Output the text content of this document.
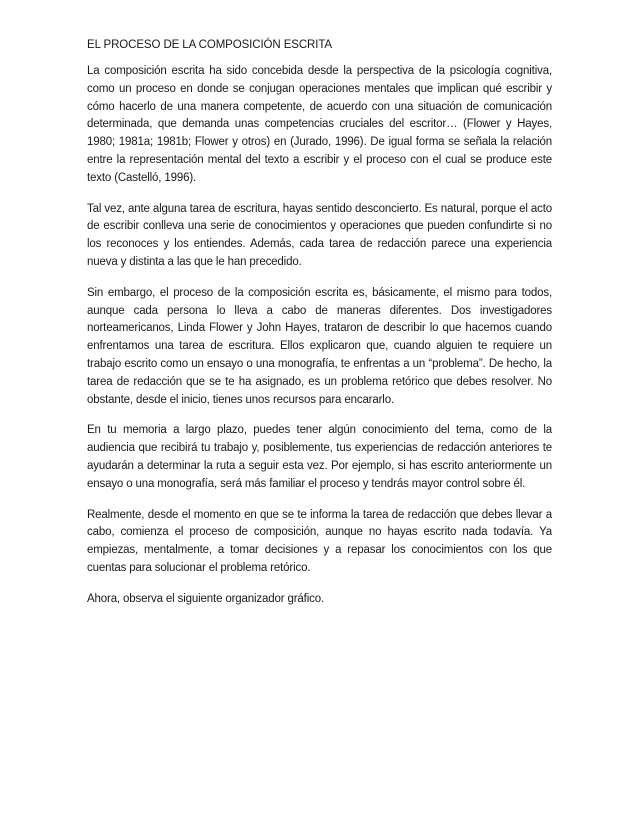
EL PROCESO DE LA COMPOSICIÓN ESCRITA

La composición escrita ha sido concebida desde la perspectiva de la psicología cognitiva, como un proceso en donde se conjugan operaciones mentales que implican qué escribir y cómo hacerlo de una manera competente, de acuerdo con una situación de comunicación determinada, que demanda unas competencias cruciales del escritor… (Flower y Hayes, 1980; 1981a; 1981b; Flower y otros) en (Jurado, 1996). De igual forma se señala la relación entre la representación mental del texto a escribir y el proceso con el cual se produce este texto (Castelló, 1996).

Tal vez, ante alguna tarea de escritura, hayas sentido desconcierto. Es natural, porque el acto de escribir conlleva una serie de conocimientos y operaciones que pueden confundirte si no los reconoces y los entiendes. Además, cada tarea de redacción parece una experiencia nueva y distinta a las que le han precedido.

Sin embargo, el proceso de la composición escrita es, básicamente, el mismo para todos, aunque cada persona lo lleva a cabo de maneras diferentes. Dos investigadores norteamericanos, Linda Flower y John Hayes, trataron de describir lo que hacemos cuando enfrentamos una tarea de escritura. Ellos explicaron que, cuando alguien te requiere un trabajo escrito como un ensayo o una monografía, te enfrentas a un “problema”. De hecho, la tarea de redacción que se te ha asignado, es un problema retórico que debes resolver. No obstante, desde el inicio, tienes unos recursos para encararlo.

En tu memoria a largo plazo, puedes tener algún conocimiento del tema, como de la audiencia que recibirá tu trabajo y, posiblemente, tus experiencias de redacción anteriores te ayudarán a determinar la ruta a seguir esta vez. Por ejemplo, si has escrito anteriormente un ensayo o una monografía, será más familiar el proceso y tendrás mayor control sobre él.

Realmente, desde el momento en que se te informa la tarea de redacción que debes llevar a cabo, comienza el proceso de composición, aunque no hayas escrito nada todavía. Ya empiezas, mentalmente, a tomar decisiones y a repasar los conocimientos con los que cuentas para solucionar el problema retórico.

Ahora, observa el siguiente organizador gráfico.
